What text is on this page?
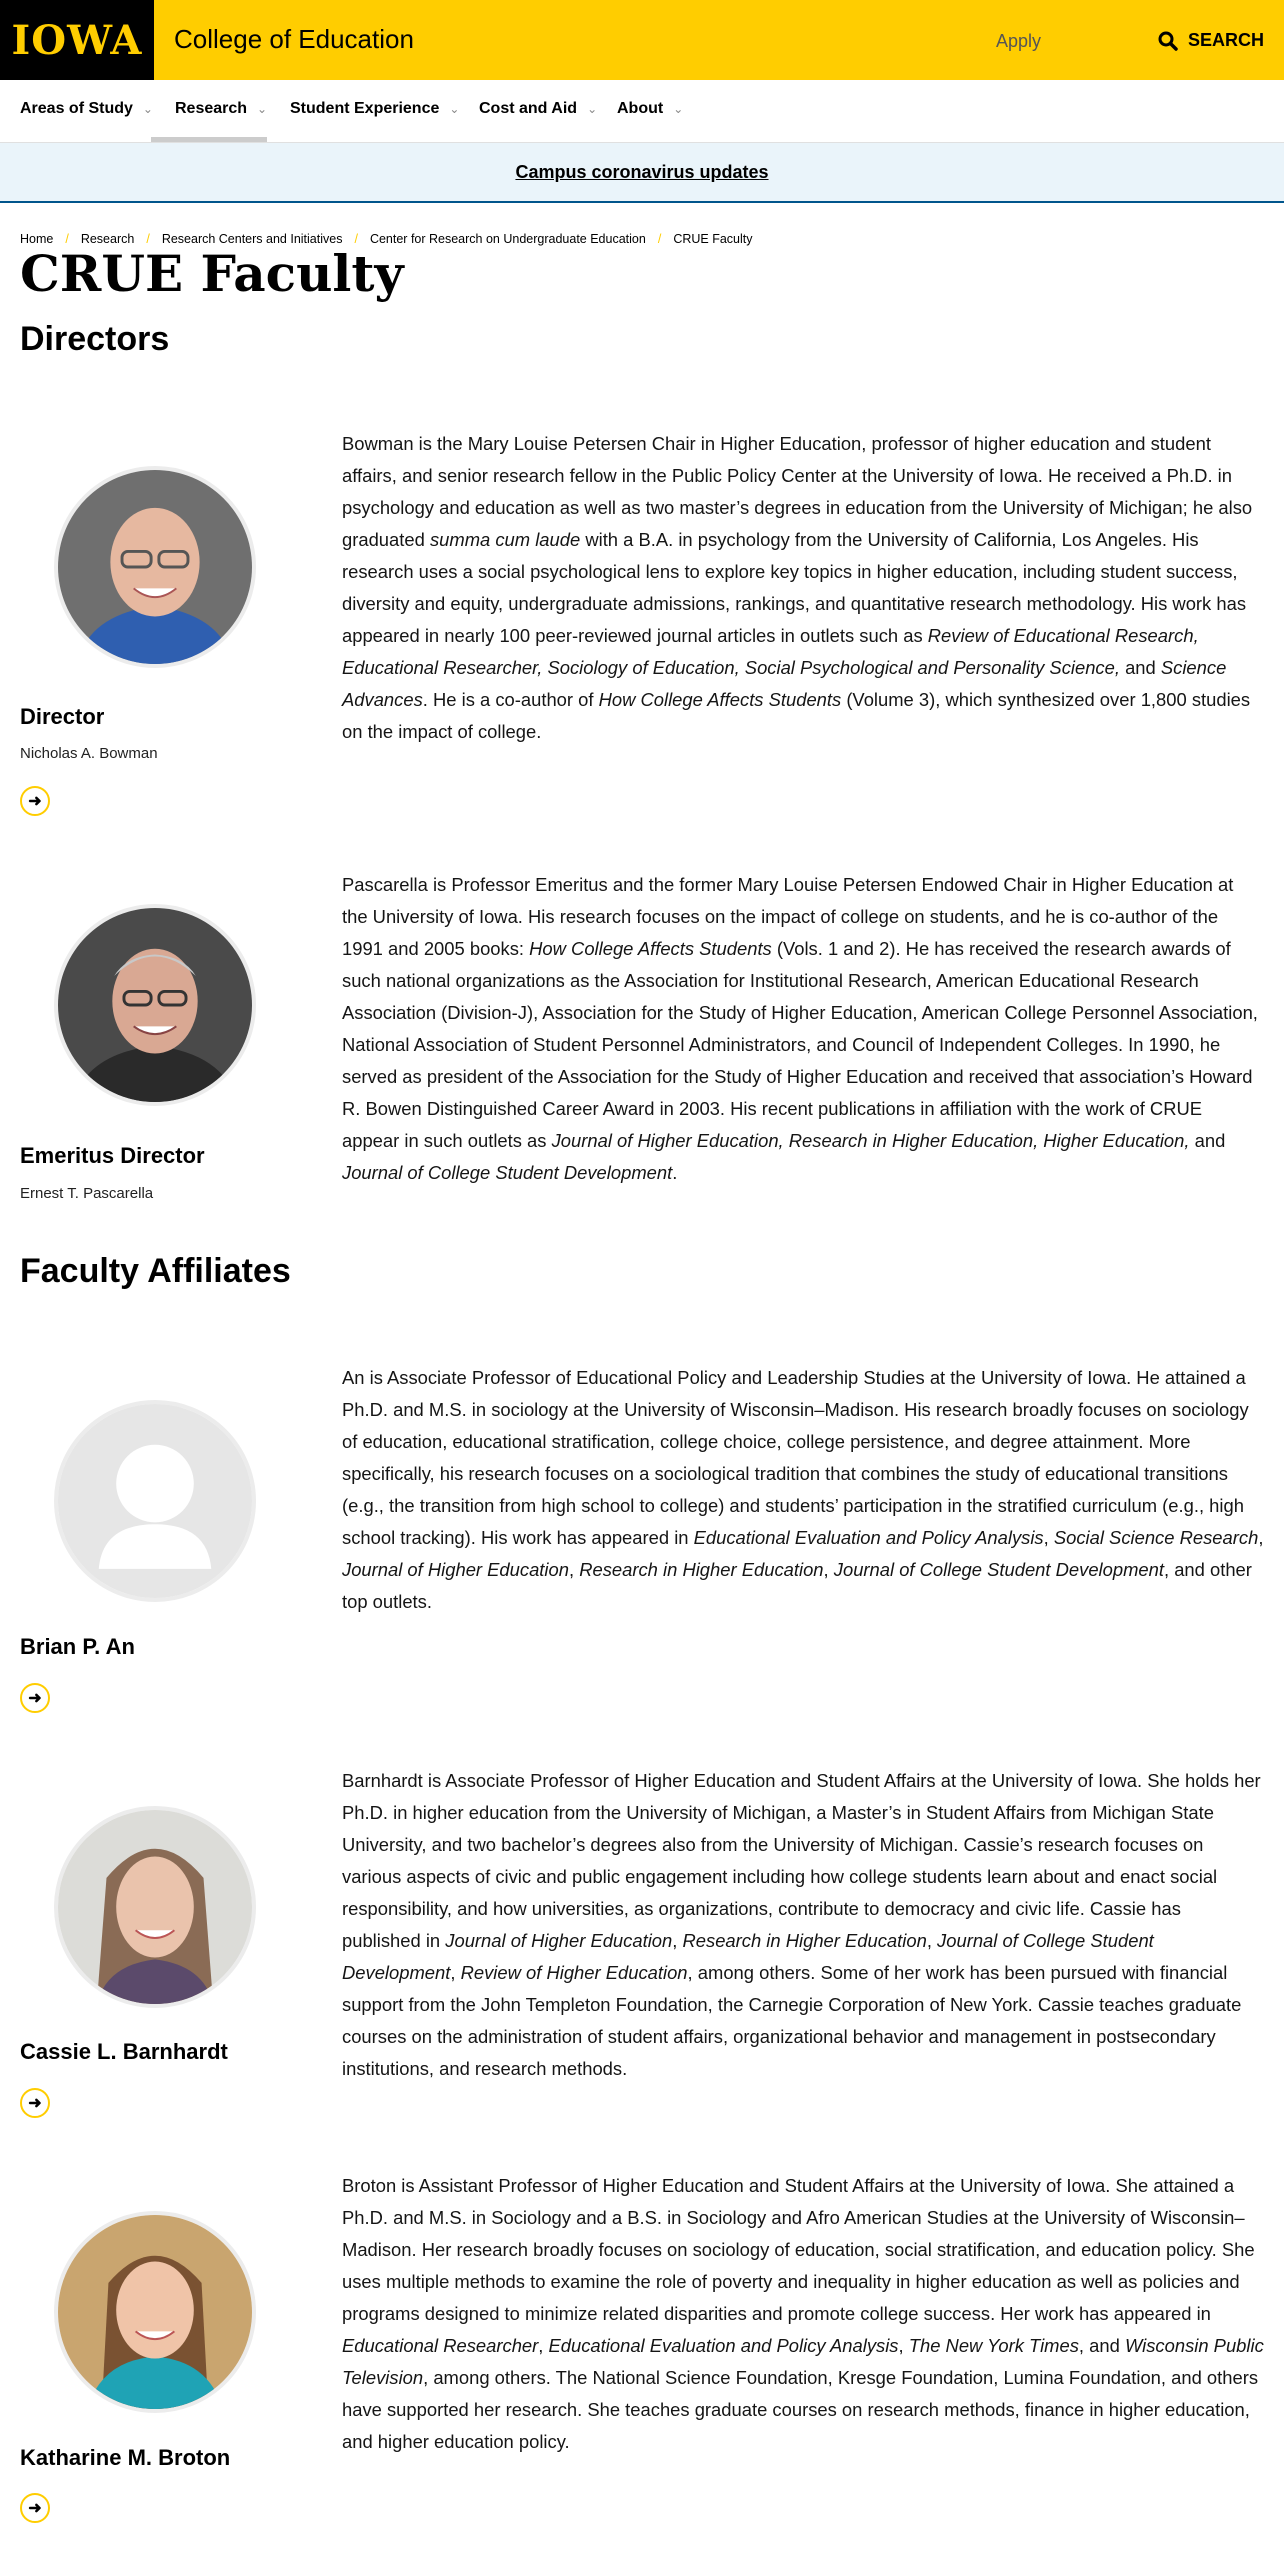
IOWA College of Education	Apply	SEARCH
Areas of Study ⌄ Research ⌄ Student Experience ⌄ Cost and Aid ⌄ About ⌄
Campus coronavirus updates
Home / Research / Research Centers and Initiatives / Center for Research on Undergraduate Education / CRUE Faculty
CRUE Faculty
Directors
Director
Nicholas A. Bowman
➜

Bowman is the Mary Louise Petersen Chair in Higher Education, professor of higher education and student affairs, and senior research fellow in the Public Policy Center at the University of Iowa. He received a Ph.D. in psychology and education as well as two master’s degrees in education from the University of Michigan; he also graduated summa cum laude with a B.A. in psychology from the University of California, Los Angeles. His research uses a social psychological lens to explore key topics in higher education, including student success, diversity and equity, undergraduate admissions, rankings, and quantitative research methodology. His work has appeared in nearly 100 peer-reviewed journal articles in outlets such as Review of Educational Research, Educational Researcher, Sociology of Education, Social Psychological and Personality Science, and Science Advances. He is a co-author of How College Affects Students (Volume 3), which synthesized over 1,800 studies on the impact of college.

Emeritus Director
Ernest T. Pascarella

Pascarella is Professor Emeritus and the former Mary Louise Petersen Endowed Chair in Higher Education at the University of Iowa. His research focuses on the impact of college on students, and he is co-author of the 1991 and 2005 books: How College Affects Students (Vols. 1 and 2). He has received the research awards of such national organizations as the Association for Institutional Research, American Educational Research Association (Division-J), Association for the Study of Higher Education, American College Personnel Association, National Association of Student Personnel Administrators, and Council of Independent Colleges. In 1990, he served as president of the Association for the Study of Higher Education and received that association’s Howard R. Bowen Distinguished Career Award in 2003. His recent publications in affiliation with the work of CRUE appear in such outlets as Journal of Higher Education, Research in Higher Education, Higher Education, and Journal of College Student Development.

Faculty Affiliates
Brian P. An
➜

An is Associate Professor of Educational Policy and Leadership Studies at the University of Iowa. He attained a Ph.D. and M.S. in sociology at the University of Wisconsin–Madison. His research broadly focuses on sociology of education, educational stratification, college choice, college persistence, and degree attainment. More specifically, his research focuses on a sociological tradition that combines the study of educational transitions (e.g., the transition from high school to college) and students’ participation in the stratified curriculum (e.g., high school tracking). His work has appeared in Educational Evaluation and Policy Analysis, Social Science Research, Journal of Higher Education, Research in Higher Education, Journal of College Student Development, and other top outlets.

Cassie L. Barnhardt
➜

Barnhardt is Associate Professor of Higher Education and Student Affairs at the University of Iowa. She holds her Ph.D. in higher education from the University of Michigan, a Master’s in Student Affairs from Michigan State University, and two bachelor’s degrees also from the University of Michigan. Cassie’s research focuses on various aspects of civic and public engagement including how college students learn about and enact social responsibility, and how universities, as organizations, contribute to democracy and civic life. Cassie has published in Journal of Higher Education, Research in Higher Education, Journal of College Student Development, Review of Higher Education, among others. Some of her work has been pursued with financial support from the John Templeton Foundation, the Carnegie Corporation of New York. Cassie teaches graduate courses on the administration of student affairs, organizational behavior and management in postsecondary institutions, and research methods.

Katharine M. Broton
➜

Broton is Assistant Professor of Higher Education and Student Affairs at the University of Iowa. She attained a Ph.D. and M.S. in Sociology and a B.S. in Sociology and Afro American Studies at the University of Wisconsin–Madison. Her research broadly focuses on sociology of education, social stratification, and education policy. She uses multiple methods to examine the role of poverty and inequality in higher education as well as policies and programs designed to minimize related disparities and promote college success. Her work has appeared in Educational Researcher, Educational Evaluation and Policy Analysis, The New York Times, and Wisconsin Public Television, among others. The National Science Foundation, Kresge Foundation, Lumina Foundation, and others have supported her research. She teaches graduate courses on research methods, finance in higher education, and higher education policy.
